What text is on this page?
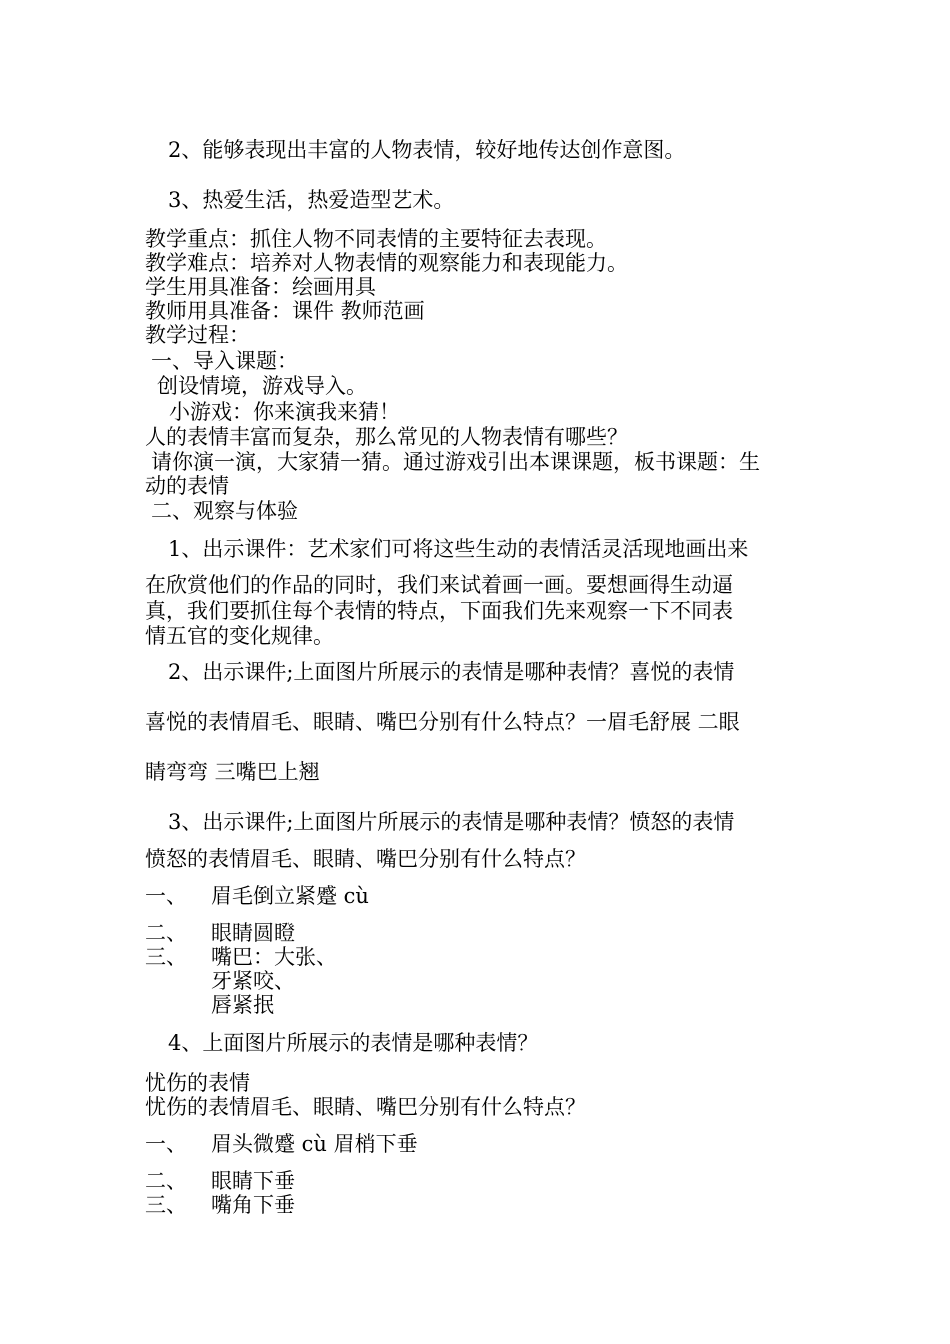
2、能够表现出丰富的人物表情，较好地传达创作意图。
3、热爱生活，热爱造型艺术。
教学重点：抓住人物不同表情的主要特征去表现。
教学难点：培养对人物表情的观察能力和表现能力。
学生用具准备：绘画用具
教师用具准备：课件 教师范画
教学过程：
一、导入课题：
创设情境，游戏导入。
小游戏：你来演我来猜！
人的表情丰富而复杂，那么常见的人物表情有哪些？
请你演一演，大家猜一猜。通过游戏引出本课课题，板书课题：生
动的表情
二、观察与体验
1、出示课件：艺术家们可将这些生动的表情活灵活现地画出来
在欣赏他们的作品的同时，我们来试着画一画。要想画得生动逼
真，我们要抓住每个表情的特点，下面我们先来观察一下不同表
情五官的变化规律。
2、出示课件;上面图片所展示的表情是哪种表情？喜悦的表情
喜悦的表情眉毛、眼睛、嘴巴分别有什么特点？一眉毛舒展 二眼
睛弯弯 三嘴巴上翘
3、出示课件;上面图片所展示的表情是哪种表情？愤怒的表情
愤怒的表情眉毛、眼睛、嘴巴分别有什么特点？
一、 眉毛倒立紧蹙 cù
二、 眼睛圆瞪
三、 嘴巴：大张、
牙紧咬、
唇紧抿
4、上面图片所展示的表情是哪种表情？
忧伤的表情
忧伤的表情眉毛、眼睛、嘴巴分别有什么特点？
一、 眉头微蹙 cù 眉梢下垂
二、 眼睛下垂
三、 嘴角下垂
